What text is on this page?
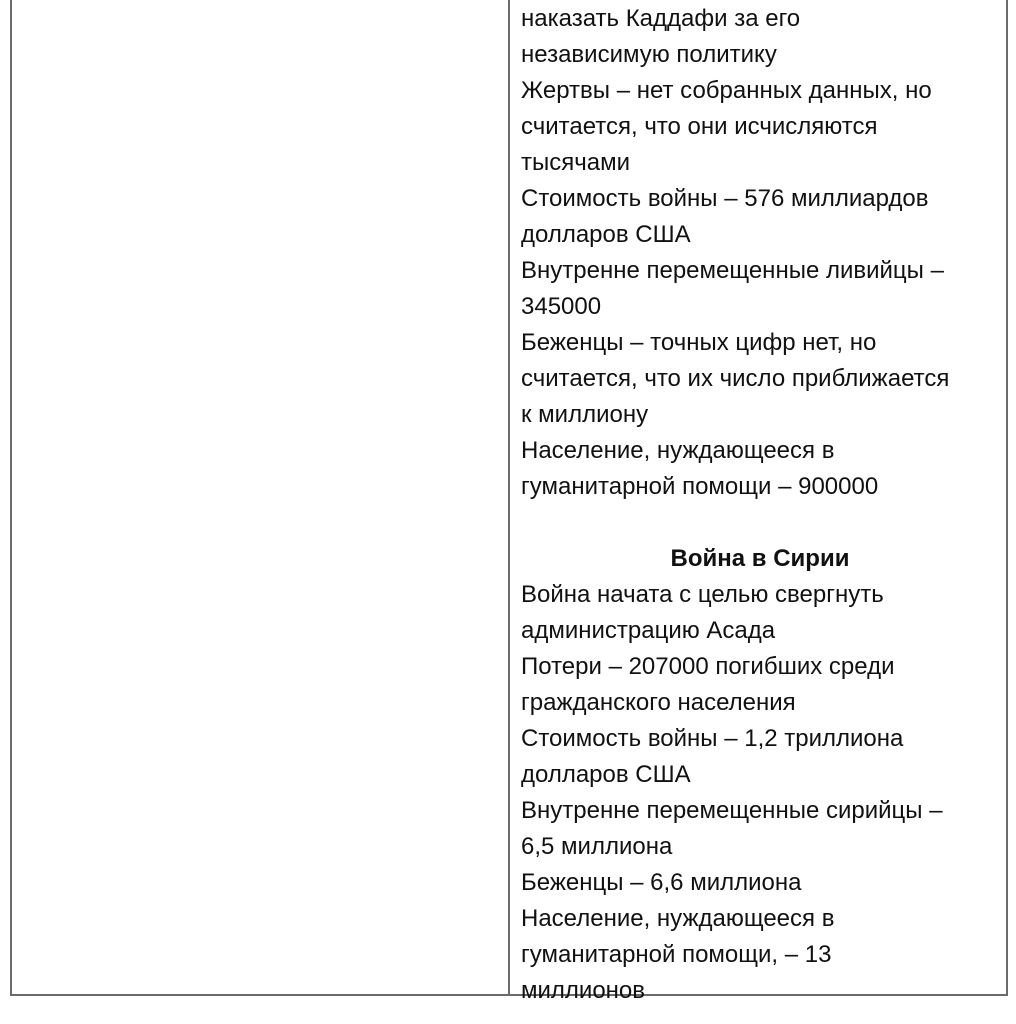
наказать Каддафи за его
независимую политику
Жертвы – нет собранных данных, но
считается, что они исчисляются
тысячами
Стоимость войны – 576 миллиардов
долларов США
Внутренне перемещенные ливийцы –
345000
Беженцы – точных цифр нет, но
считается, что их число приближается
к миллиону
Население, нуждающееся в
гуманитарной помощи – 900000
Война в Сирии
Война начата с целью свергнуть
администрацию Асада
Потери – 207000 погибших среди
гражданского населения
Стоимость войны – 1,2 триллиона
долларов США
Внутренне перемещенные сирийцы –
6,5 миллиона
Беженцы – 6,6 миллиона
Население, нуждающееся в
гуманитарной помощи, – 13
миллионов
